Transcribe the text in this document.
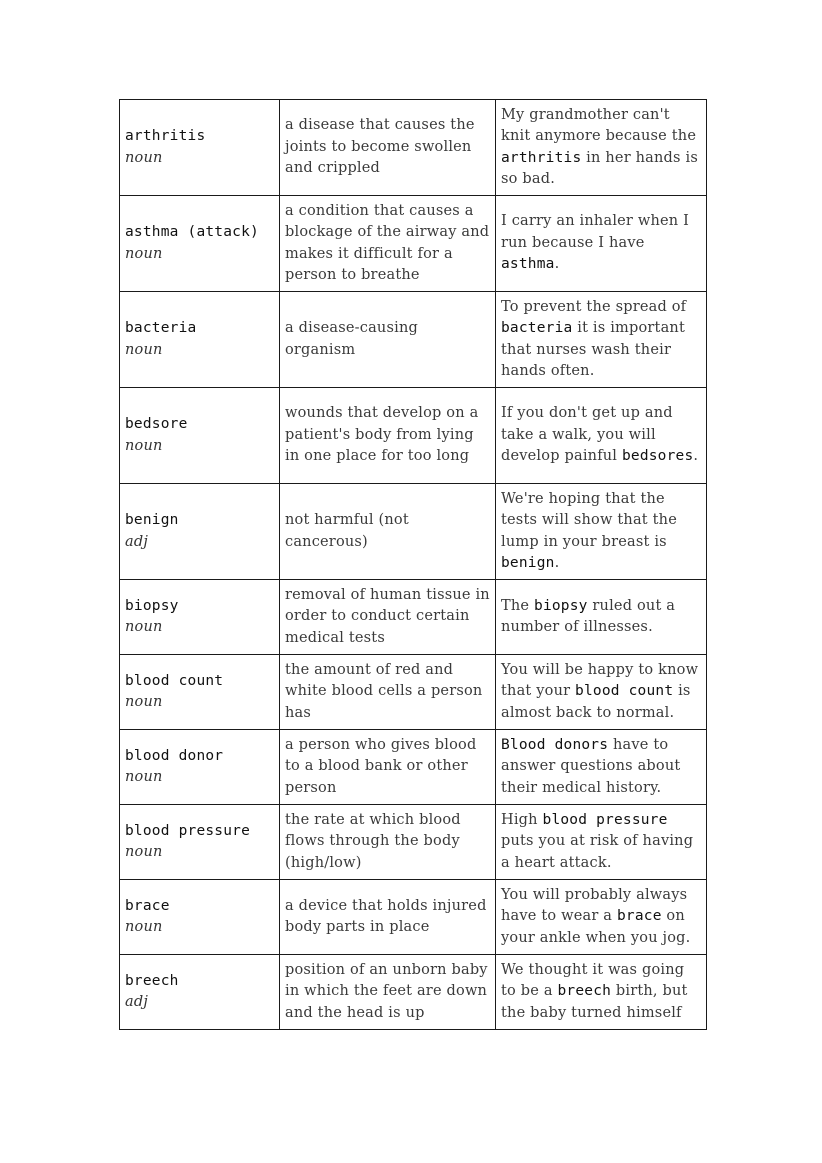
arthritis
noun	a disease that causes the joints to become swollen and crippled	My grandmother can't knit anymore because the arthritis in her hands is so bad.

asthma (attack)
noun	a condition that causes a blockage of the airway and makes it difficult for a person to breathe	I carry an inhaler when I run because I have asthma.

bacteria
noun	a disease-causing organism	To prevent the spread of bacteria it is important that nurses wash their hands often.

bedsore
noun	wounds that develop on a patient's body from lying in one place for too long	If you don't get up and take a walk, you will develop painful bedsores.

benign
adj	not harmful (not cancerous)	We're hoping that the tests will show that the lump in your breast is benign.

biopsy
noun	removal of human tissue in order to conduct certain medical tests	The biopsy ruled out a number of illnesses.

blood count
noun	the amount of red and white blood cells a person has	You will be happy to know that your blood count is almost back to normal.

blood donor
noun	a person who gives blood to a blood bank or other person	Blood donors have to answer questions about their medical history.

blood pressure
noun	the rate at which blood flows through the body (high/low)	High blood pressure puts you at risk of having a heart attack.

brace
noun	a device that holds injured body parts in place	You will probably always have to wear a brace on your ankle when you jog.

breech
adj	position of an unborn baby in which the feet are down and the head is up	We thought it was going to be a breech birth, but the baby turned himself
